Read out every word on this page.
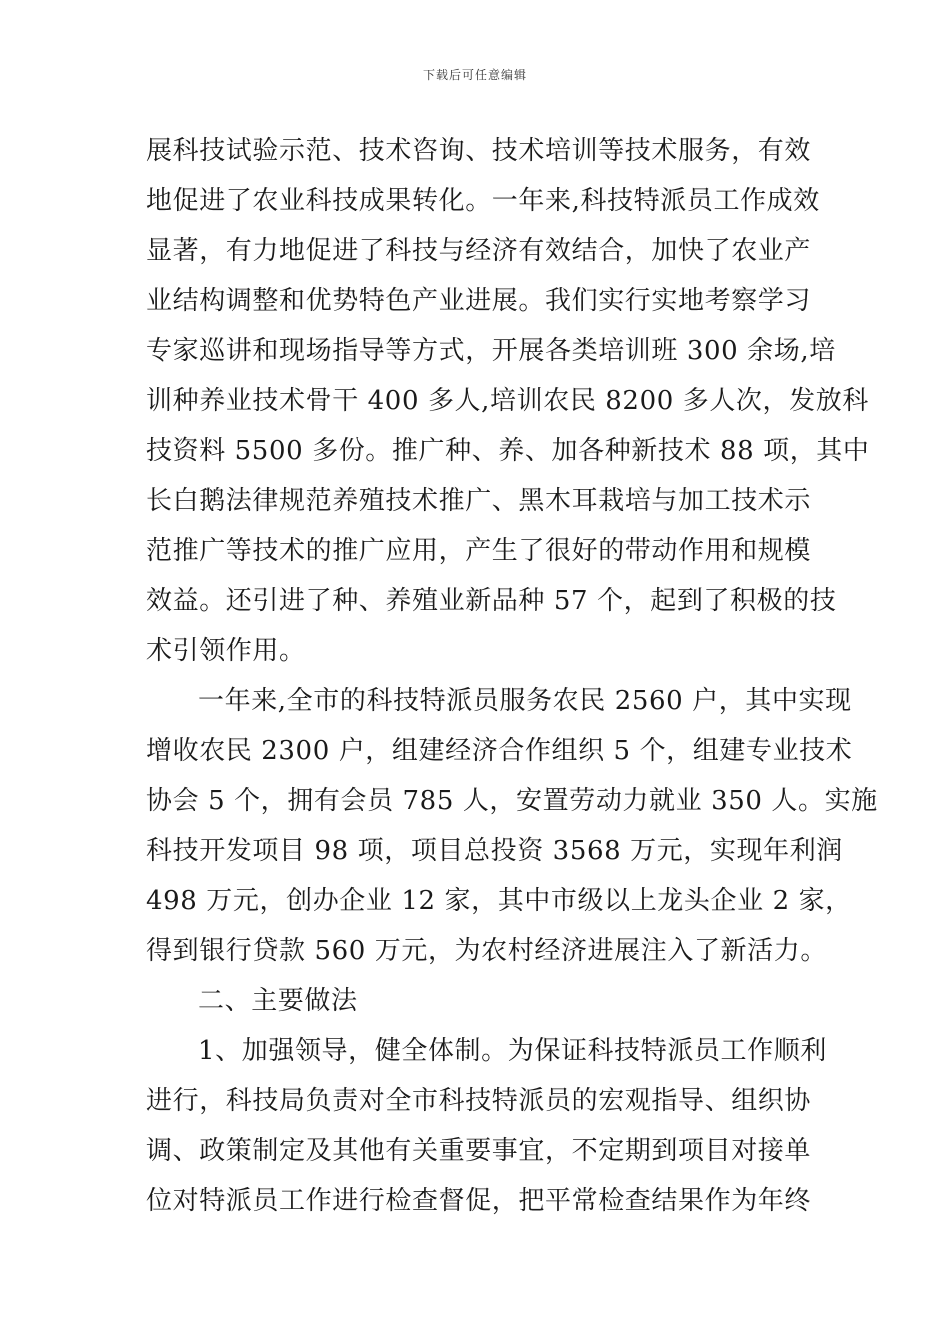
下载后可任意编辑
展科技试验示范、技术咨询、技术培训等技术服务，有效
地促进了农业科技成果转化。一年来,科技特派员工作成效
显著，有力地促进了科技与经济有效结合，加快了农业产
业结构调整和优势特色产业进展。我们实行实地考察学习
专家巡讲和现场指导等方式，开展各类培训班 300 余场,培
训种养业技术骨干 400 多人,培训农民 8200 多人次，发放科
技资料 5500 多份。推广种、养、加各种新技术 88 项，其中
长白鹅法律规范养殖技术推广、黑木耳栽培与加工技术示
范推广等技术的推广应用，产生了很好的带动作用和规模
效益。还引进了种、养殖业新品种 57 个，起到了积极的技
术引领作用。
一年来,全市的科技特派员服务农民 2560 户，其中实现
增收农民 2300 户，组建经济合作组织 5 个，组建专业技术
协会 5 个，拥有会员 785 人，安置劳动力就业 350 人。实施
科技开发项目 98 项，项目总投资 3568 万元，实现年利润
498 万元，创办企业 12 家，其中市级以上龙头企业 2 家，
得到银行贷款 560 万元，为农村经济进展注入了新活力。
二、主要做法
1、加强领导，健全体制。为保证科技特派员工作顺利
进行，科技局负责对全市科技特派员的宏观指导、组织协
调、政策制定及其他有关重要事宜，不定期到项目对接单
位对特派员工作进行检查督促，把平常检查结果作为年终
